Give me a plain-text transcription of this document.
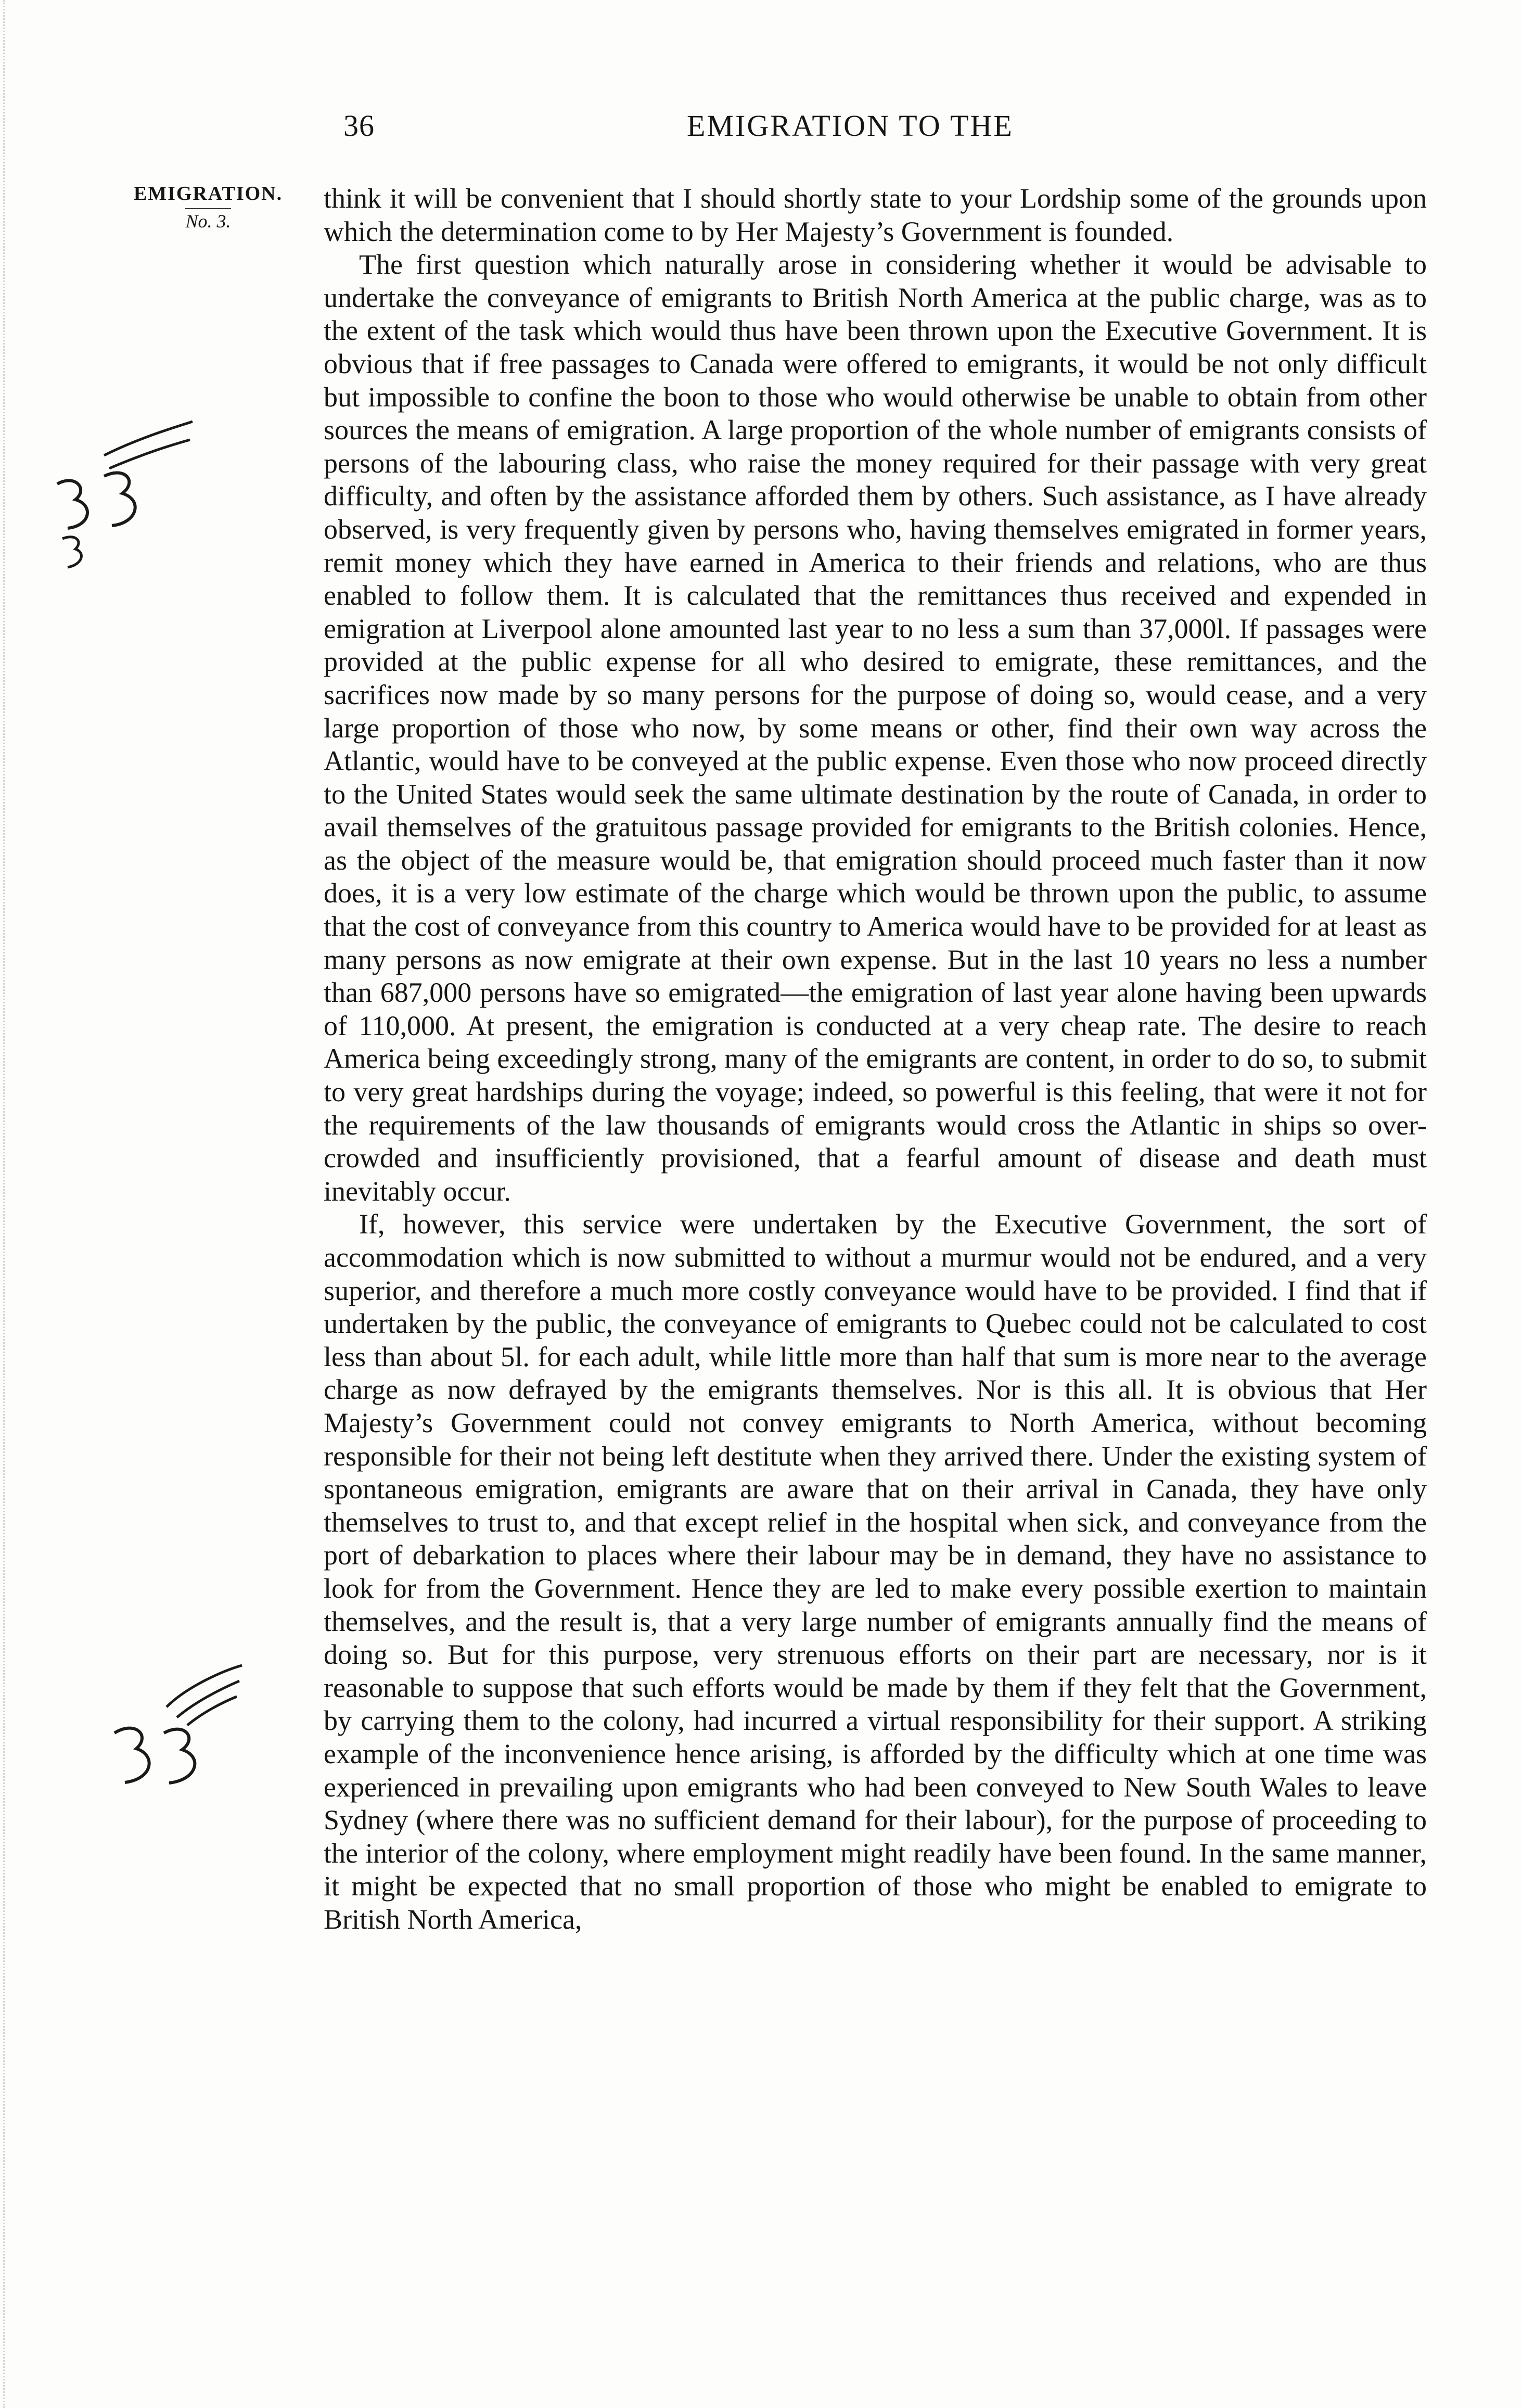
36	EMIGRATION TO THE
EMIGRATION.
No. 3.

think it will be convenient that I should shortly state to your Lordship some of the grounds upon which the determination come to by Her Majesty’s Government is founded.

The first question which naturally arose in considering whether it would be advisable to undertake the conveyance of emigrants to British North America at the public charge, was as to the extent of the task which would thus have been thrown upon the Executive Government. It is obvious that if free passages to Canada were offered to emigrants, it would be not only difficult but impossible to confine the boon to those who would otherwise be unable to obtain from other sources the means of emigration. A large proportion of the whole number of emigrants consists of persons of the labouring class, who raise the money required for their passage with very great difficulty, and often by the assistance afforded them by others. Such assistance, as I have already observed, is very frequently given by persons who, having themselves emigrated in former years, remit money which they have earned in America to their friends and relations, who are thus enabled to follow them. It is calculated that the remittances thus received and expended in emigration at Liverpool alone amounted last year to no less a sum than 37,000l. If passages were provided at the public expense for all who desired to emigrate, these remittances, and the sacrifices now made by so many persons for the purpose of doing so, would cease, and a very large proportion of those who now, by some means or other, find their own way across the Atlantic, would have to be conveyed at the public expense. Even those who now proceed directly to the United States would seek the same ultimate destination by the route of Canada, in order to avail themselves of the gratuitous passage provided for emigrants to the British colonies. Hence, as the object of the measure would be, that emigration should proceed much faster than it now does, it is a very low estimate of the charge which would be thrown upon the public, to assume that the cost of conveyance from this country to America would have to be provided for at least as many persons as now emigrate at their own expense. But in the last 10 years no less a number than 687,000 persons have so emigrated—the emigration of last year alone having been upwards of 110,000. At present, the emigration is conducted at a very cheap rate. The desire to reach America being exceedingly strong, many of the emigrants are content, in order to do so, to submit to very great hardships during the voyage; indeed, so powerful is this feeling, that were it not for the requirements of the law thousands of emigrants would cross the Atlantic in ships so over-crowded and insufficiently provisioned, that a fearful amount of disease and death must inevitably occur.

If, however, this service were undertaken by the Executive Government, the sort of accommodation which is now submitted to without a murmur would not be endured, and a very superior, and therefore a much more costly conveyance would have to be provided. I find that if undertaken by the public, the conveyance of emigrants to Quebec could not be calculated to cost less than about 5l. for each adult, while little more than half that sum is more near to the average charge as now defrayed by the emigrants themselves. Nor is this all. It is obvious that Her Majesty’s Government could not convey emigrants to North America, without becoming responsible for their not being left destitute when they arrived there. Under the existing system of spontaneous emigration, emigrants are aware that on their arrival in Canada, they have only themselves to trust to, and that except relief in the hospital when sick, and conveyance from the port of debarkation to places where their labour may be in demand, they have no assistance to look for from the Government. Hence they are led to make every possible exertion to maintain themselves, and the result is, that a very large number of emigrants annually find the means of doing so. But for this purpose, very strenuous efforts on their part are necessary, nor is it reasonable to suppose that such efforts would be made by them if they felt that the Government, by carrying them to the colony, had incurred a virtual responsibility for their support. A striking example of the inconvenience hence arising, is afforded by the difficulty which at one time was experienced in prevailing upon emigrants who had been conveyed to New South Wales to leave Sydney (where there was no sufficient demand for their labour), for the purpose of proceeding to the interior of the colony, where employment might readily have been found. In the same manner, it might be expected that no small proportion of those who might be enabled to emigrate to British North America,
